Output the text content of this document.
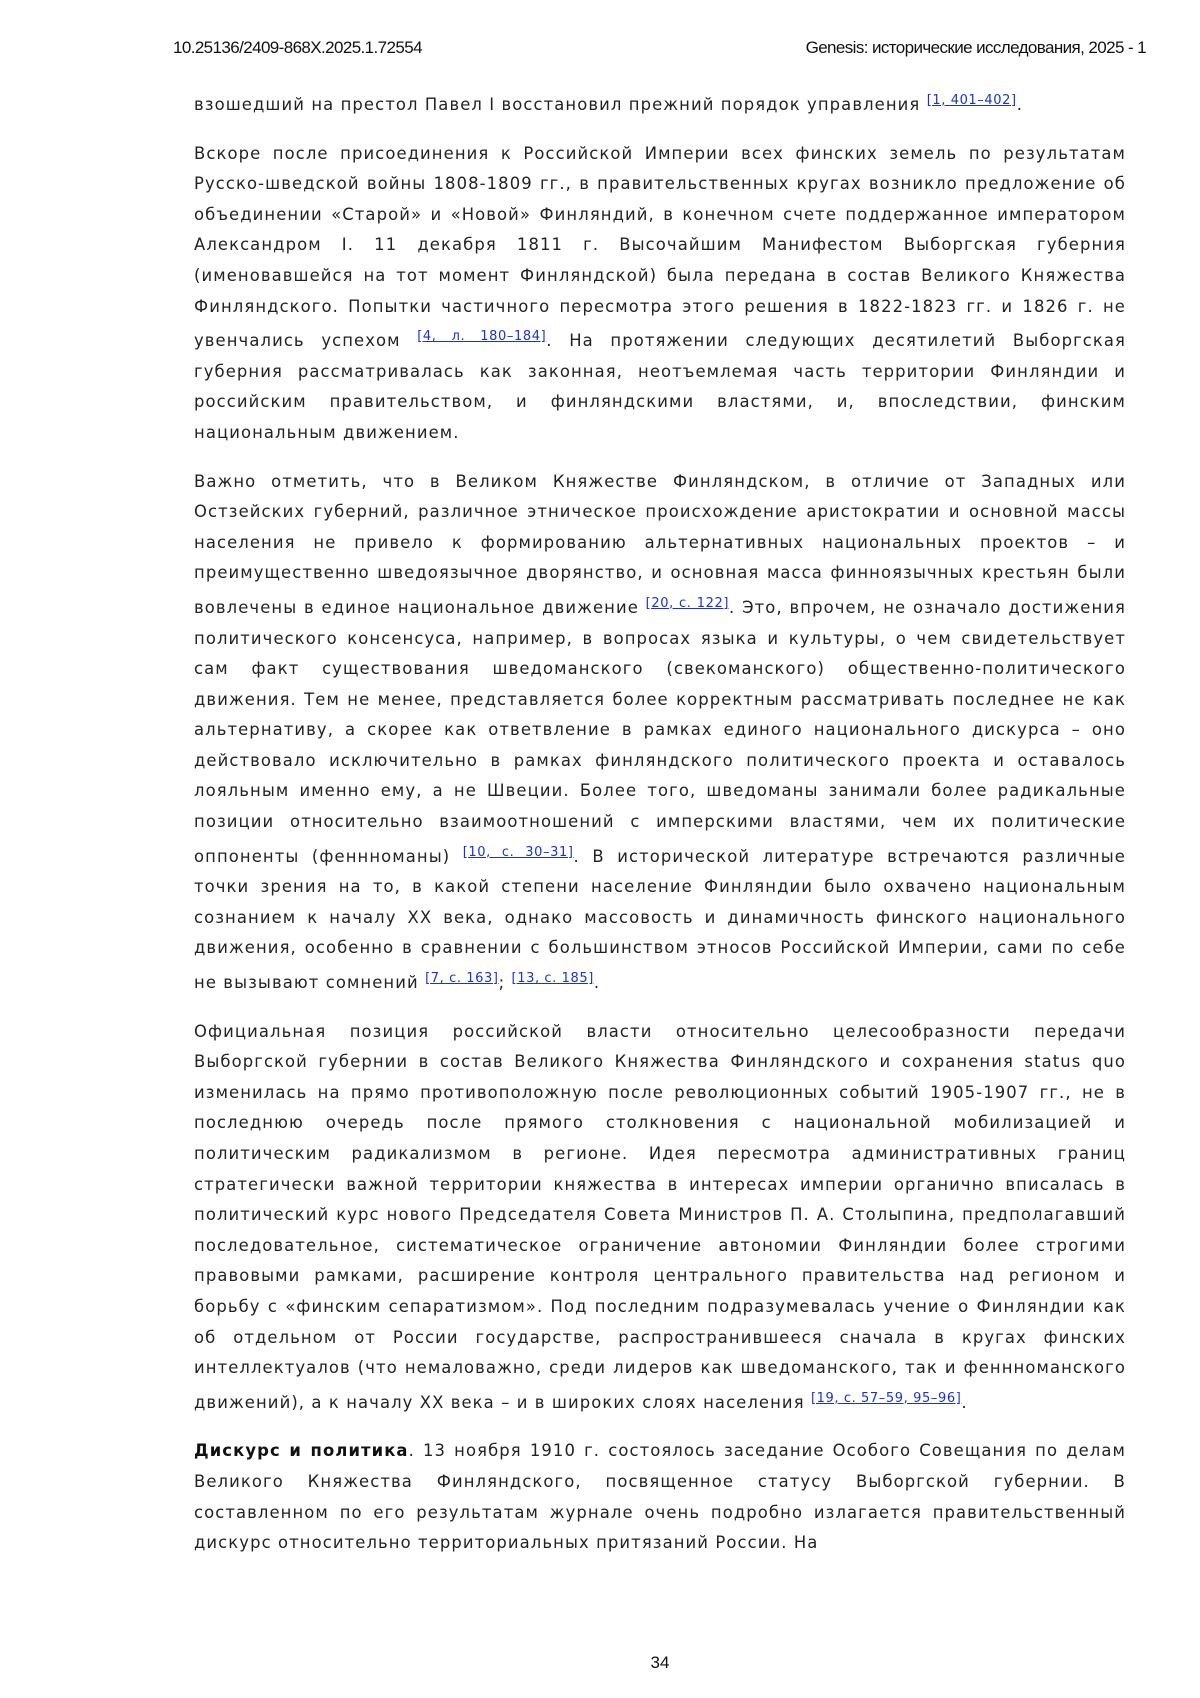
10.25136/2409-868X.2025.1.72554	Genesis: исторические исследования, 2025 - 1

взошедший на престол Павел I восстановил прежний порядок управления [1, 401–402].

Вскоре после присоединения к Российской Империи всех финских земель по результатам Русско-шведской войны 1808-1809 гг., в правительственных кругах возникло предложение об объединении «Старой» и «Новой» Финляндий, в конечном счете поддержанное императором Александром I. 11 декабря 1811 г. Высочайшим Манифестом Выборгская губерния (именовавшейся на тот момент Финляндской) была передана в состав Великого Княжества Финляндского. Попытки частичного пересмотра этого решения в 1822-1823 гг. и 1826 г. не увенчались успехом [4, л. 180–184]. На протяжении следующих десятилетий Выборгская губерния рассматривалась как законная, неотъемлемая часть территории Финляндии и российским правительством, и финляндскими властями, и, впоследствии, финским национальным движением.

Важно отметить, что в Великом Княжестве Финляндском, в отличие от Западных или Остзейских губерний, различное этническое происхождение аристократии и основной массы населения не привело к формированию альтернативных национальных проектов – и преимущественно шведоязычное дворянство, и основная масса финноязычных крестьян были вовлечены в единое национальное движение [20, с. 122]. Это, впрочем, не означало достижения политического консенсуса, например, в вопросах языка и культуры, о чем свидетельствует сам факт существования шведоманского (свекоманского) общественно-политического движения. Тем не менее, представляется более корректным рассматривать последнее не как альтернативу, а скорее как ответвление в рамках единого национального дискурса – оно действовало исключительно в рамках финляндского политического проекта и оставалось лояльным именно ему, а не Швеции. Более того, шведоманы занимали более радикальные позиции относительно взаимоотношений с имперскими властями, чем их политические оппоненты (феннноманы) [10, с. 30–31]. В исторической литературе встречаются различные точки зрения на то, в какой степени население Финляндии было охвачено национальным сознанием к началу XX века, однако массовость и динамичность финского национального движения, особенно в сравнении с большинством этносов Российской Империи, сами по себе не вызывают сомнений [7, с. 163]; [13, с. 185].

Официальная позиция российской власти относительно целесообразности передачи Выборгской губернии в состав Великого Княжества Финляндского и сохранения status quo изменилась на прямо противоположную после революционных событий 1905-1907 гг., не в последнюю очередь после прямого столкновения с национальной мобилизацией и политическим радикализмом в регионе. Идея пересмотра административных границ стратегически важной территории княжества в интересах империи органично вписалась в политический курс нового Председателя Совета Министров П. А. Столыпина, предполагавший последовательное, систематическое ограничение автономии Финляндии более строгими правовыми рамками, расширение контроля центрального правительства над регионом и борьбу с «финским сепаратизмом». Под последним подразумевалась учение о Финляндии как об отдельном от России государстве, распространившееся сначала в кругах финских интеллектуалов (что немаловажно, среди лидеров как шведоманского, так и феннноманского движений), а к началу XX века – и в широких слоях населения [19, с. 57–59, 95–96].

Дискурс и политика. 13 ноября 1910 г. состоялось заседание Особого Совещания по делам Великого Княжества Финляндского, посвященное статусу Выборгской губернии. В составленном по его результатам журнале очень подробно излагается правительственный дискурс относительно территориальных притязаний России. На

34
